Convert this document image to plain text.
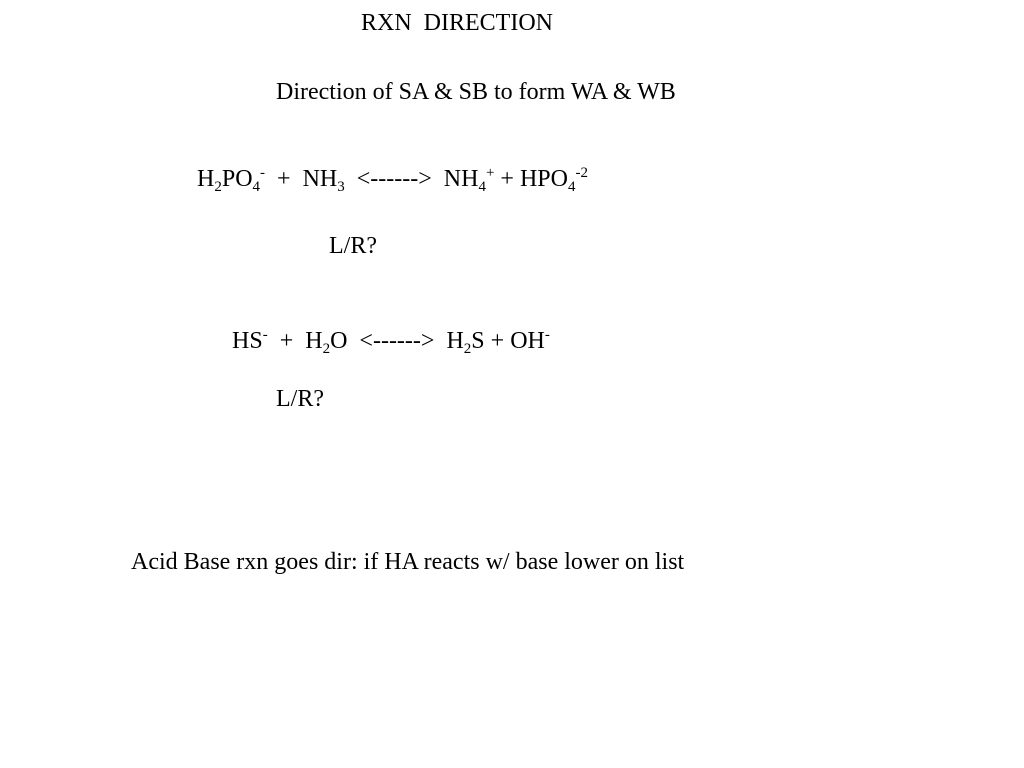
RXN  DIRECTION
Direction of SA & SB to form WA & WB
$H_2PO_4^- + NH_3$  <------>  $NH_4^+ + HPO_4^{-2}$
L/R?
$HS^- + H_2O$  <------>  $H_2S + OH^-$
L/R?
Acid Base rxn goes dir: if HA reacts w/ base lower on list
